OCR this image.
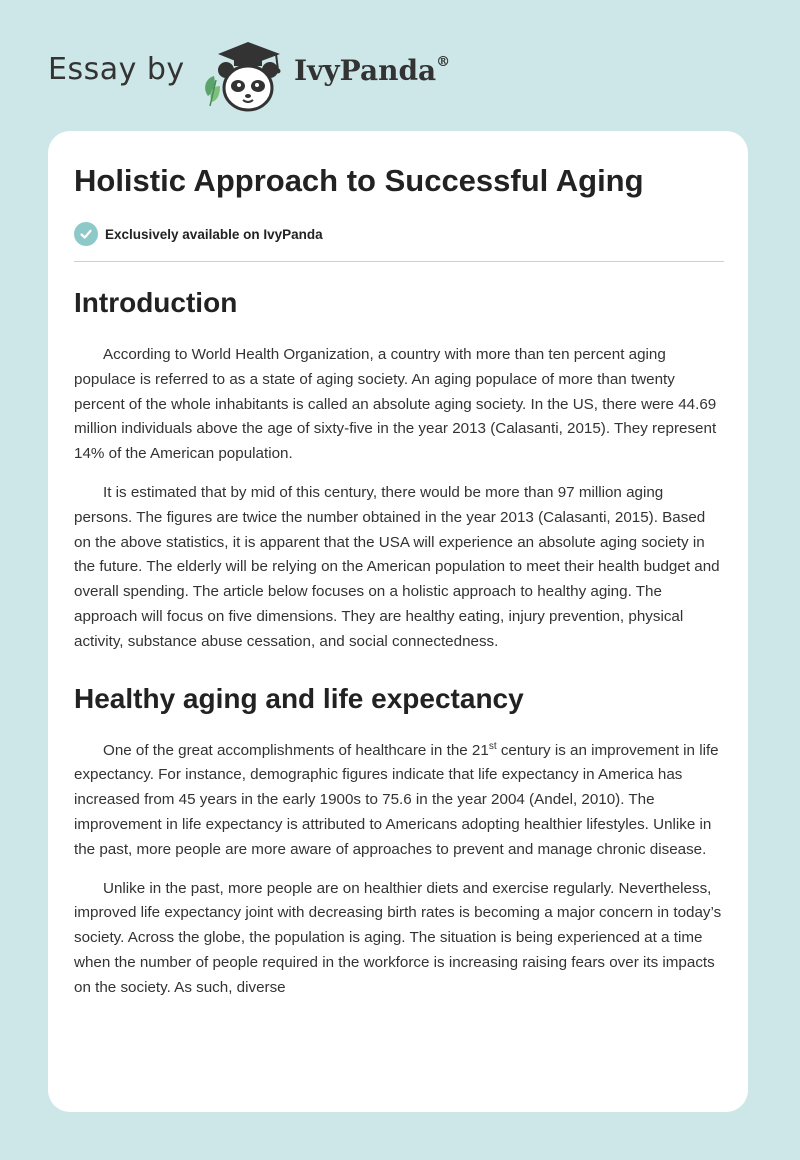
Essay by	IvyPanda®
Holistic Approach to Successful Aging
Exclusively available on IvyPanda
Introduction

According to World Health Organization, a country with more than ten percent aging populace is referred to as a state of aging society. An aging populace of more than twenty percent of the whole inhabitants is called an absolute aging society. In the US, there were 44.69 million individuals above the age of sixty-five in the year 2013 (Calasanti, 2015). They represent 14% of the American population.

It is estimated that by mid of this century, there would be more than 97 million aging persons. The figures are twice the number obtained in the year 2013 (Calasanti, 2015). Based on the above statistics, it is apparent that the USA will experience an absolute aging society in the future. The elderly will be relying on the American population to meet their health budget and overall spending. The article below focuses on a holistic approach to healthy aging. The approach will focus on five dimensions. They are healthy eating, injury prevention, physical activity, substance abuse cessation, and social connectedness.

Healthy aging and life expectancy

One of the great accomplishments of healthcare in the 21st century is an improvement in life expectancy. For instance, demographic figures indicate that life expectancy in America has increased from 45 years in the early 1900s to 75.6 in the year 2004 (Andel, 2010). The improvement in life expectancy is attributed to Americans adopting healthier lifestyles. Unlike in the past, more people are more aware of approaches to prevent and manage chronic disease.

Unlike in the past, more people are on healthier diets and exercise regularly. Nevertheless, improved life expectancy joint with decreasing birth rates is becoming a major concern in today’s society. Across the globe, the population is aging. The situation is being experienced at a time when the number of people required in the workforce is increasing raising fears over its impacts on the society. As such, diverse
